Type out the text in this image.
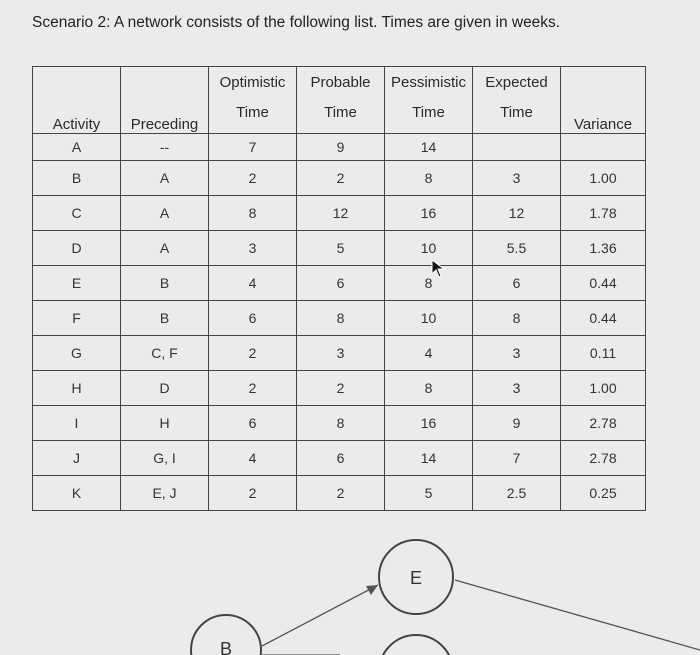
Scenario 2: A network consists of the following list. Times are given in weeks.
Activity	Preceding	Optimistic	Probable	Pessimistic	Expected	Variance
		Time	Time	Time	Time	
A	--	7	9	14		
B	A	2	2	8	3	1.00
C	A	8	12	16	12	1.78
D	A	3	5	10	5.5	1.36
E	B	4	6	8	6	0.44
F	B	6	8	10	8	0.44
G	C, F	2	3	4	3	0.11
H	D	2	2	8	3	1.00
I	H	6	8	16	9	2.78
J	G, I	4	6	14	7	2.78
K	E, J	2	2	5	2.5	0.25
E
B
